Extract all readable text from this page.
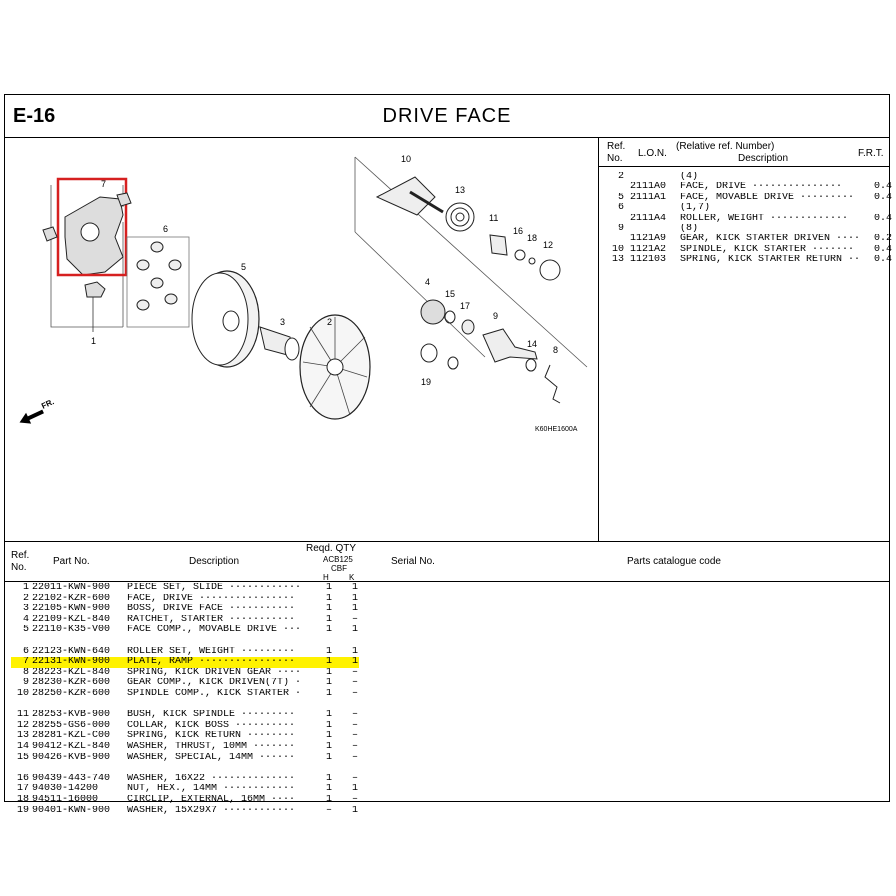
E-16	DRIVE FACE
7
6
5
3	2
1
10
13
11
16
18
12
4
15
17
9
14
8
19
FR.
K60HE1600A
Ref.
No. L.O.N.
(Relative ref. Number)
Description	F.R.T.
2	(4)
2111A0	FACE, DRIVE ···············	0.4
5 2111A1	FACE, MOVABLE DRIVE ·········	0.4
6	(1,7)
2111A4	ROLLER, WEIGHT ·············	0.4
9	(8)
1121A9	GEAR, KICK STARTER DRIVEN ···· 0.2
10 1121A2	SPINDLE, KICK STARTER ·······	0.4
13 112103	SPRING, KICK STARTER RETURN ·· 0.4
Ref.
No.
Part No.	Description
Reqd. QTY
ACB125
CBF
H	K
Serial No.	Parts catalogue code
1 22011-KWN-900	PIECE SET, SLIDE ············	1	1
2 22102-KZR-600	FACE, DRIVE ················	1	1
3 22105-KWN-900	BOSS, DRIVE FACE ···········	1	1
4 22109-KZL-840	RATCHET, STARTER ···········	1	–
5 22110-K35-V00	FACE COMP., MOVABLE DRIVE ···	1	1
6 22123-KWN-640	ROLLER SET, WEIGHT ·········	1	1
7 22131-KWN-900	PLATE, RAMP ················	1	1
8 28223-KZL-840	SPRING, KICK DRIVEN GEAR ····	1	–
9 28230-KZR-600	GEAR COMP., KICK DRIVEN(7T) ·	1	–
10 28250-KZR-600	SPINDLE COMP., KICK STARTER ·	1	–
11 28253-KVB-900	BUSH, KICK SPINDLE ·········	1	–
12 28255-GS6-000	COLLAR, KICK BOSS ··········	1	–
13 28281-KZL-C00	SPRING, KICK RETURN ········	1	–
14 90412-KZL-840	WASHER, THRUST, 10MM ·······	1	–
15 90426-KVB-900	WASHER, SPECIAL, 14MM ······	1	–
16 90439-443-740	WASHER, 16X22 ··············	1	–
17 94030-14200	NUT, HEX., 14MM ············	1	1
18 94511-16000	CIRCLIP, EXTERNAL, 16MM ····	1	–
19 90401-KWN-900	WASHER, 15X29X7 ············	–	1
